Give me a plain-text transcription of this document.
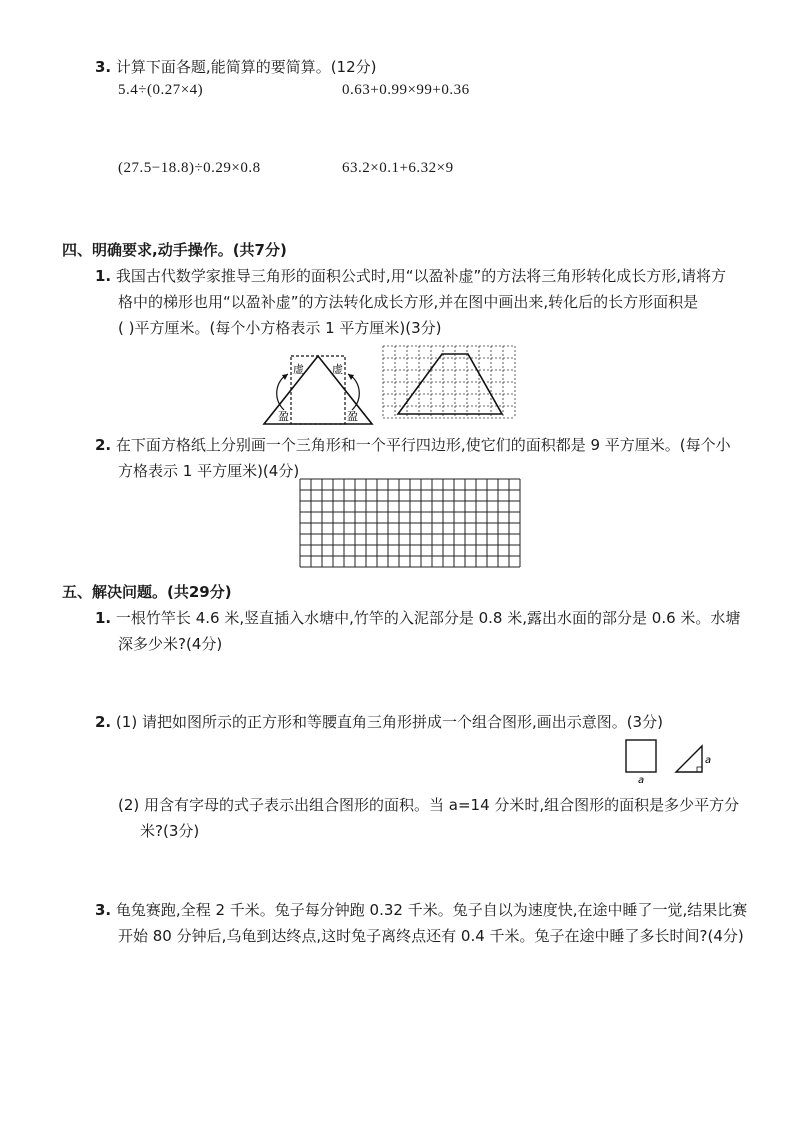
3. 计算下面各题,能简算的要简算。(12分)
5.4÷(0.27×4)	0.63+0.99×99+0.36
(27.5−18.8)÷0.29×0.8	63.2×0.1+6.32×9
四、明确要求,动手操作。(共7分)
1. 我国古代数学家推导三角形的面积公式时,用“以盈补虚”的方法将三角形转化成长方形,请将方
格中的梯形也用“以盈补虚”的方法转化成长方形,并在图中画出来,转化后的长方形面积是
( )平方厘米。(每个小方格表示 1 平方厘米)(3分)
虚	虚
盈	盈
2. 在下面方格纸上分别画一个三角形和一个平行四边形,使它们的面积都是 9 平方厘米。(每个小
方格表示 1 平方厘米)(4分)
五、解决问题。(共29分)
1. 一根竹竿长 4.6 米,竖直插入水塘中,竹竿的入泥部分是 0.8 米,露出水面的部分是 0.6 米。水塘
深多少米?(4分)
2. (1) 请把如图所示的正方形和等腰直角三角形拼成一个组合图形,画出示意图。(3分)
a
a
(2) 用含有字母的式子表示出组合图形的面积。当 a=14 分米时,组合图形的面积是多少平方分
米?(3分)
3. 龟兔赛跑,全程 2 千米。兔子每分钟跑 0.32 千米。兔子自以为速度快,在途中睡了一觉,结果比赛
开始 80 分钟后,乌龟到达终点,这时兔子离终点还有 0.4 千米。兔子在途中睡了多长时间?(4分)
